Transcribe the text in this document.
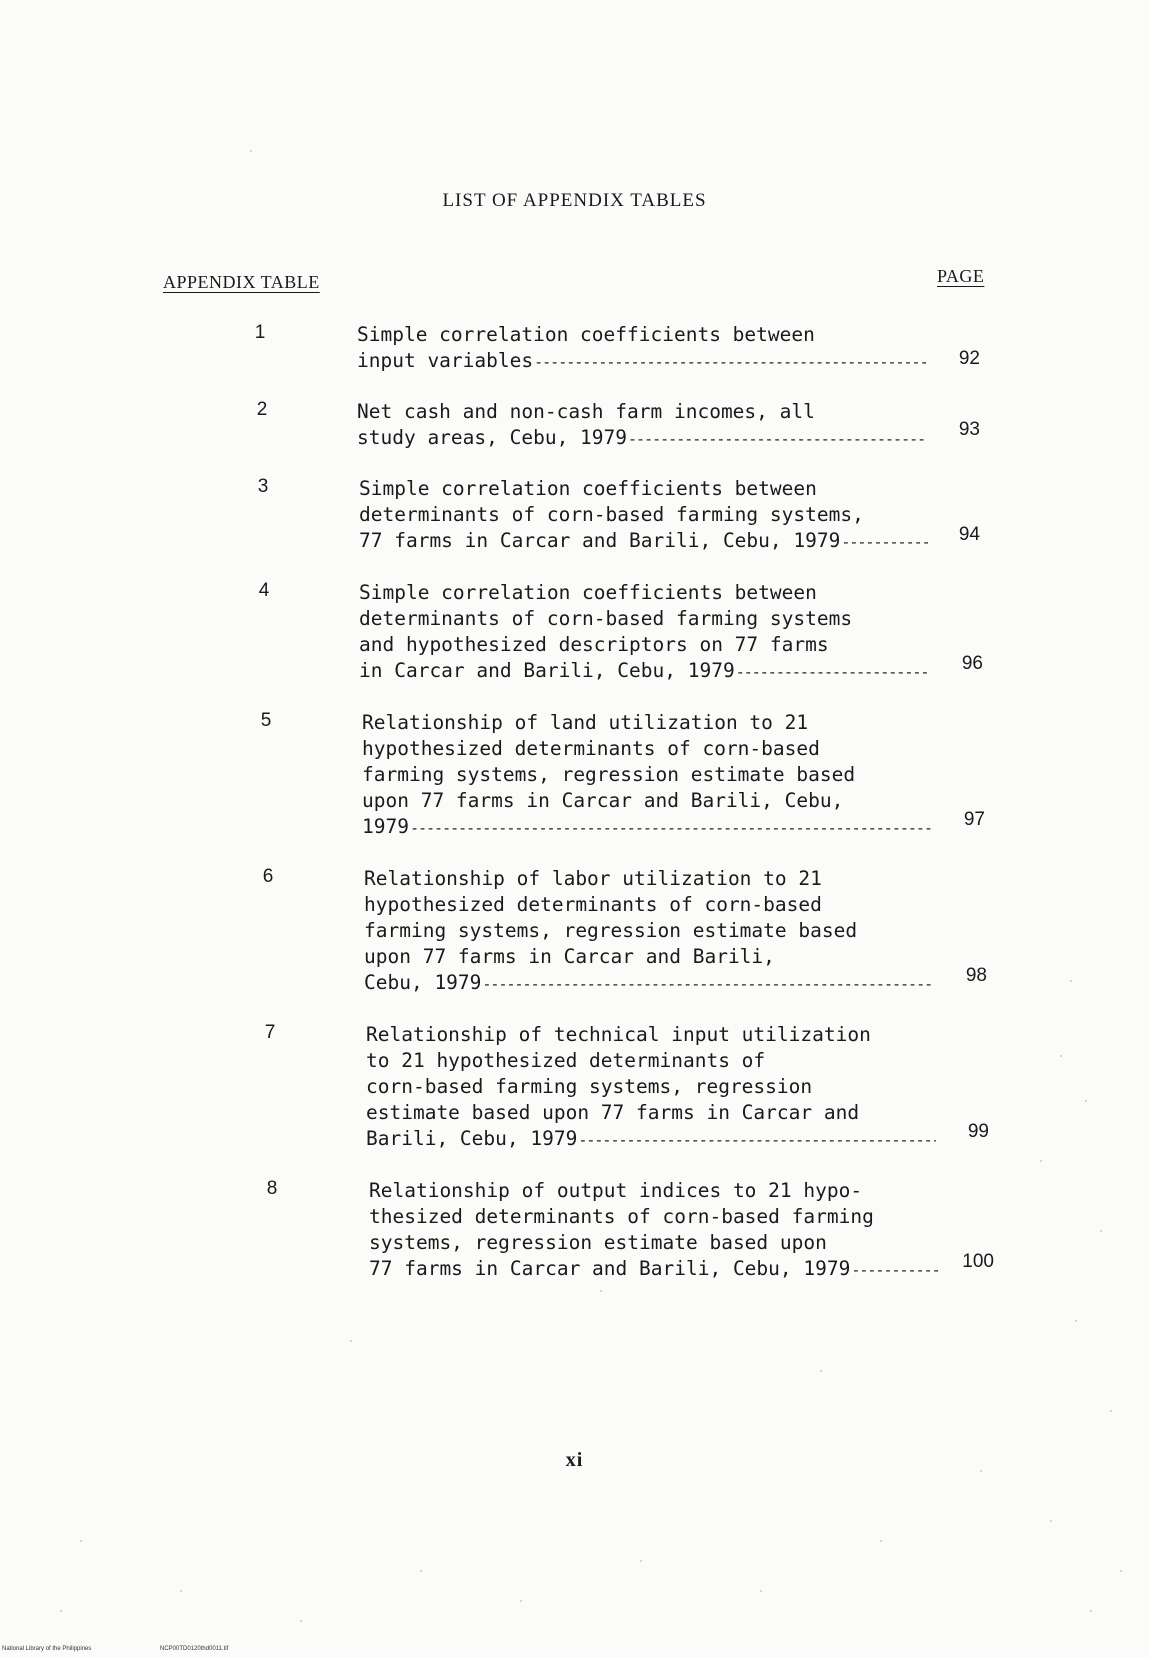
LIST OF APPENDIX TABLES
APPENDIX TABLE	PAGE
1	Simple correlation coefficients between
input variables -----	92
2	Net cash and non-cash farm incomes, all
study areas, Cebu, 1979 -----	93
3	Simple correlation coefficients between
determinants of corn-based farming systems,
77 farms in Carcar and Barili, Cebu, 1979 -----	94
4	Simple correlation coefficients between
determinants of corn-based farming systems
and hypothesized descriptors on 77 farms
in Carcar and Barili, Cebu, 1979 -----	96
5	Relationship of land utilization to 21
hypothesized determinants of corn-based
farming systems, regression estimate based
upon 77 farms in Carcar and Barili, Cebu,
1979 -----	97
6	Relationship of labor utilization to 21
hypothesized determinants of corn-based
farming systems, regression estimate based
upon 77 farms in Carcar and Barili,
Cebu, 1979 -----	98
7	Relationship of technical input utilization
to 21 hypothesized determinants of
corn-based farming systems, regression
estimate based upon 77 farms in Carcar and
Barili, Cebu, 1979 -----	99
8	Relationship of output indices to 21 hypo-
thesized determinants of corn-based farming
systems, regression estimate based upon
77 farms in Carcar and Barili, Cebu, 1979 -----	100
xi
National Library of the Philippines	NCP00TD0120thd0011.tif
